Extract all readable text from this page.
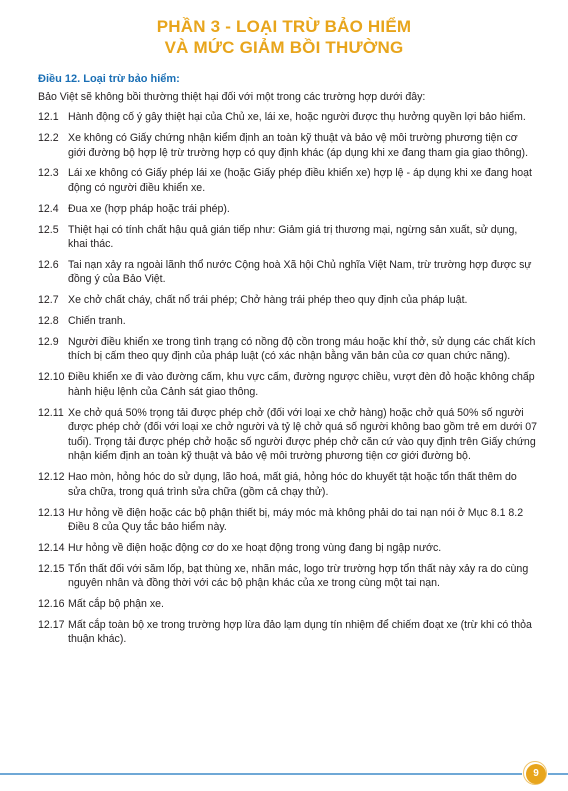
PHẦN 3 - LOẠI TRỪ BẢO HIỂM
VÀ MỨC GIẢM BỒI THƯỜNG
Điều 12. Loại trừ bảo hiểm:
Bảo Việt sẽ không bồi thường thiệt hại đối với một trong các trường hợp dưới đây:
12.1 Hành động cố ý gây thiệt hại của Chủ xe, lái xe, hoặc người được thụ hưởng quyền lợi bảo hiểm.
12.2 Xe không có Giấy chứng nhận kiểm định an toàn kỹ thuật và bảo vệ môi trường phương tiện cơ giới đường bộ hợp lệ trừ trường hợp có quy định khác (áp dụng khi xe đang tham gia giao thông).
12.3 Lái xe không có Giấy phép lái xe (hoặc Giấy phép điều khiển xe) hợp lệ - áp dụng khi xe đang hoạt động có người điều khiển xe.
12.4 Đua xe (hợp pháp hoặc trái phép).
12.5 Thiệt hại có tính chất hậu quả gián tiếp như: Giảm giá trị thương mại, ngừng sản xuất, sử dụng, khai thác.
12.6 Tai nạn xảy ra ngoài lãnh thổ nước Cộng hoà Xã hội Chủ nghĩa Việt Nam, trừ trường hợp được sự đồng ý của Bảo Việt.
12.7 Xe chở chất cháy, chất nổ trái phép; Chở hàng trái phép theo quy định của pháp luật.
12.8 Chiến tranh.
12.9 Người điều khiển xe trong tình trạng có nồng độ cồn trong máu hoặc khí thở, sử dụng các chất kích thích bị cấm theo quy định của pháp luật (có xác nhận bằng văn bản của cơ quan chức năng).
12.10 Điều khiển xe đi vào đường cấm, khu vực cấm, đường ngược chiều, vượt đèn đỏ hoặc không chấp hành hiệu lệnh của Cảnh sát giao thông.
12.11 Xe chở quá 50% trọng tải được phép chở (đối với loại xe chở hàng) hoặc chở quá 50% số người được phép chở (đối với loại xe chở người và tỷ lệ chở quá số người không bao gồm trẻ em dưới 07 tuổi). Trọng tải được phép chở hoặc số người được phép chở căn cứ vào quy định trên Giấy chứng nhận kiểm định an toàn kỹ thuật và bảo vệ môi trường phương tiện cơ giới đường bộ.
12.12 Hao mòn, hỏng hóc do sử dụng, lão hoá, mất giá, hỏng hóc do khuyết tật hoặc tổn thất thêm do sửa chữa, trong quá trình sửa chữa (gồm cả chạy thử).
12.13 Hư hỏng về điện hoặc các bộ phận thiết bị, máy móc mà không phải do tai nạn nói ở Mục 8.1 8.2 Điều 8 của Quy tắc bảo hiểm này.
12.14 Hư hỏng về điện hoặc động cơ do xe hoạt động trong vùng đang bị ngập nước.
12.15 Tổn thất đối với săm lốp, bạt thùng xe, nhãn mác, logo trừ trường hợp tổn thất này xảy ra do cùng nguyên nhân và đồng thời với các bộ phận khác của xe trong cùng một tai nạn.
12.16 Mất cắp bộ phận xe.
12.17 Mất cắp toàn bộ xe trong trường hợp lừa đảo lạm dụng tín nhiệm để chiếm đoạt xe (trừ khi có thỏa thuận khác).
9
